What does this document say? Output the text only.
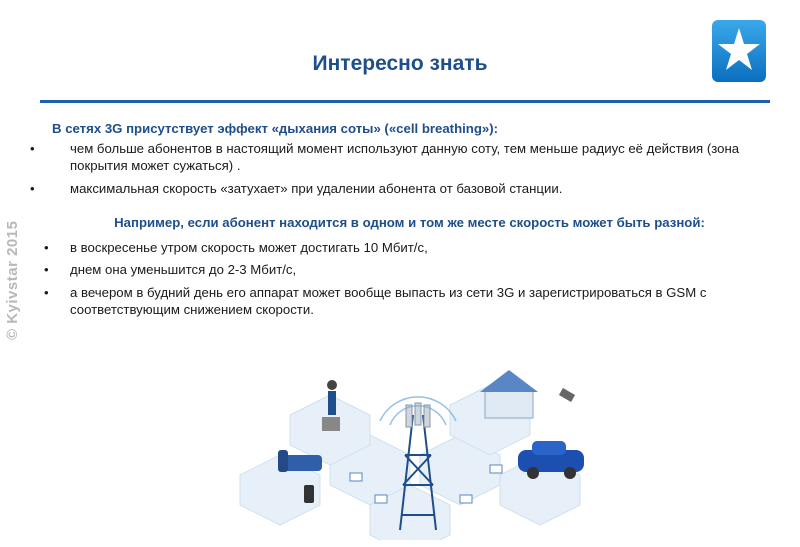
Интересно знать
© Kyivstar 2015
В сетях 3G присутствует эффект «дыхания соты» («cell breathing»):
•	чем больше абонентов в настоящий момент используют данную соту, тем меньше радиус её действия (зона покрытия может сужаться) .
•	максимальная скорость «затухает» при удалении абонента от базовой станции.
Например, если абонент находится в одном и том же месте скорость может быть разной:
• в воскресенье утром скорость может достигать 10 Мбит/с,
• днем она уменьшится до 2-3 Мбит/с,
• а вечером в будний день его аппарат может вообще выпасть из сети 3G и зарегистрироваться в GSM с соответствующим снижением скорости.
